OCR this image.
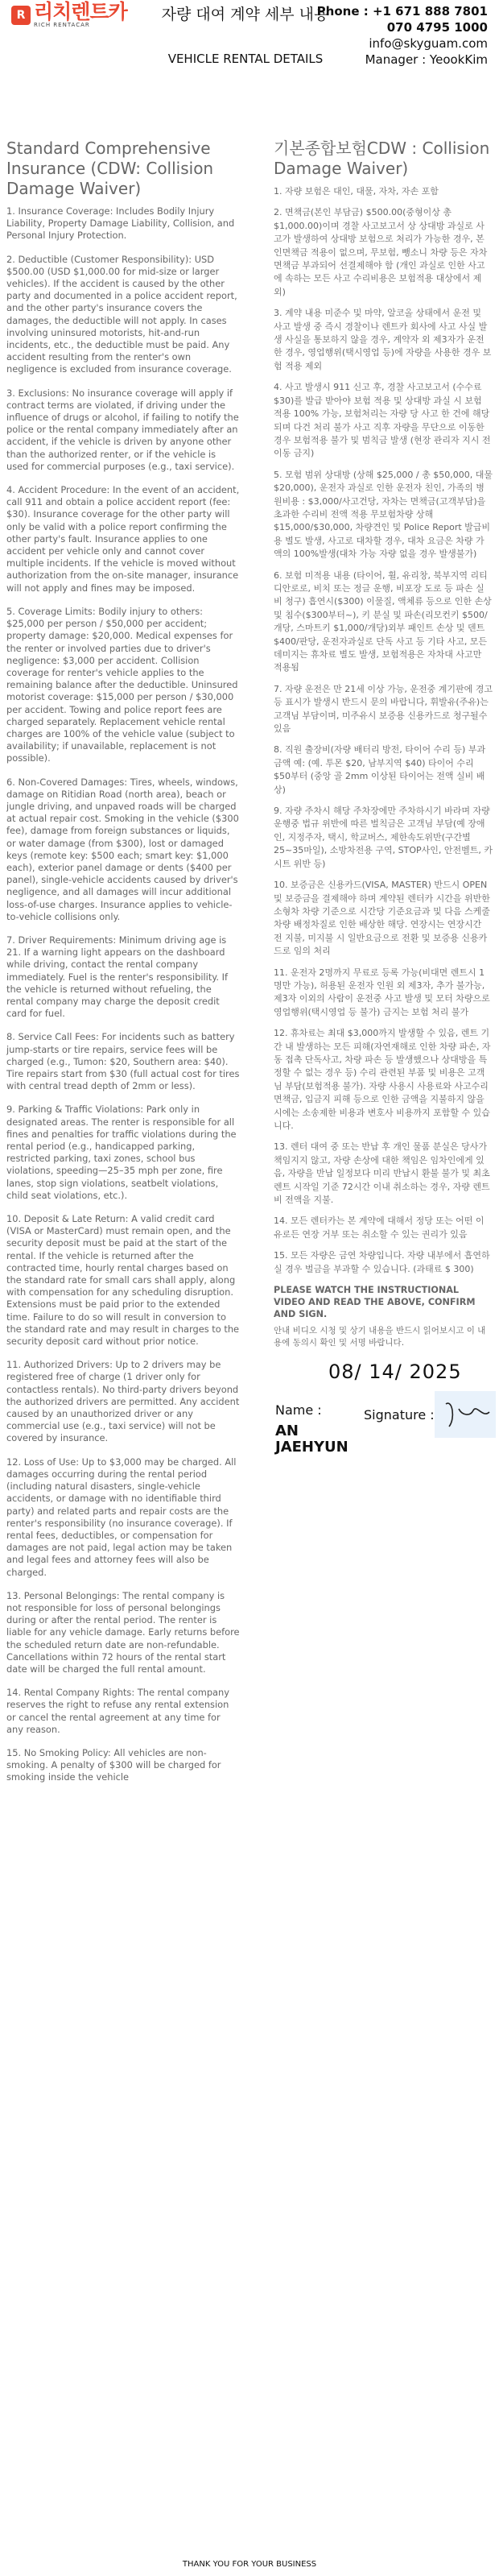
R 리치렌트카
RICH RENTACAR
자량 대여 계약 세부 내용
VEHICLE RENTAL DETAILS
Phone : +1 671 888 7801
070 4795 1000
info@skyguam.com
Manager : YeookKim
Standard Comprehensive Insurance (CDW: Collision Damage Waiver)
1. Insurance Coverage: Includes Bodily Injury Liability, Property Damage Liability, Collision, and Personal Injury Protection.
2. Deductible (Customer Responsibility): USD $500.00 (USD $1,000.00 for mid-size or larger vehicles). If the accident is caused by the other party and documented in a police accident report, and the other party's insurance covers the damages, the deductible will not apply. In cases involving uninsured motorists, hit-and-run incidents, etc., the deductible must be paid. Any accident resulting from the renter's own negligence is excluded from insurance coverage.
3. Exclusions: No insurance coverage will apply if contract terms are violated, if driving under the influence of drugs or alcohol, if failing to notify the police or the rental company immediately after an accident, if the vehicle is driven by anyone other than the authorized renter, or if the vehicle is used for commercial purposes (e.g., taxi service).
4. Accident Procedure: In the event of an accident, call 911 and obtain a police accident report (fee: $30). Insurance coverage for the other party will only be valid with a police report confirming the other party's fault. Insurance applies to one accident per vehicle only and cannot cover multiple incidents. If the vehicle is moved without authorization from the on-site manager, insurance will not apply and fines may be imposed.
5. Coverage Limits: Bodily injury to others: $25,000 per person / $50,000 per accident; property damage: $20,000. Medical expenses for the renter or involved parties due to driver's negligence: $3,000 per accident. Collision coverage for renter's vehicle applies to the remaining balance after the deductible. Uninsured motorist coverage: $15,000 per person / $30,000 per accident. Towing and police report fees are charged separately. Replacement vehicle rental charges are 100% of the vehicle value (subject to availability; if unavailable, replacement is not possible).
6. Non-Covered Damages: Tires, wheels, windows, damage on Ritidian Road (north area), beach or jungle driving, and unpaved roads will be charged at actual repair cost. Smoking in the vehicle ($300 fee), damage from foreign substances or liquids, or water damage (from $300), lost or damaged keys (remote key: $500 each; smart key: $1,000 each), exterior panel damage or dents ($400 per panel), single-vehicle accidents caused by driver's negligence, and all damages will incur additional loss-of-use charges. Insurance applies to vehicle-to-vehicle collisions only.
7. Driver Requirements: Minimum driving age is 21. If a warning light appears on the dashboard while driving, contact the rental company immediately. Fuel is the renter's responsibility. If the vehicle is returned without refueling, the rental company may charge the deposit credit card for fuel.
8. Service Call Fees: For incidents such as battery jump-starts or tire repairs, service fees will be charged (e.g., Tumon: $20, Southern area: $40). Tire repairs start from $30 (full actual cost for tires with central tread depth of 2mm or less).
9. Parking & Traffic Violations: Park only in designated areas. The renter is responsible for all fines and penalties for traffic violations during the rental period (e.g., handicapped parking, restricted parking, taxi zones, school bus violations, speeding—25–35 mph per zone, fire lanes, stop sign violations, seatbelt violations, child seat violations, etc.).
10. Deposit & Late Return: A valid credit card (VISA or MasterCard) must remain open, and the security deposit must be paid at the start of the rental. If the vehicle is returned after the contracted time, hourly rental charges based on the standard rate for small cars shall apply, along with compensation for any scheduling disruption. Extensions must be paid prior to the extended time. Failure to do so will result in conversion to the standard rate and may result in charges to the security deposit card without prior notice.
11. Authorized Drivers: Up to 2 drivers may be registered free of charge (1 driver only for contactless rentals). No third-party drivers beyond the authorized drivers are permitted. Any accident caused by an unauthorized driver or any commercial use (e.g., taxi service) will not be covered by insurance.
12. Loss of Use: Up to $3,000 may be charged. All damages occurring during the rental period (including natural disasters, single-vehicle accidents, or damage with no identifiable third party) and related parts and repair costs are the renter's responsibility (no insurance coverage). If rental fees, deductibles, or compensation for damages are not paid, legal action may be taken and legal fees and attorney fees will also be charged.
13. Personal Belongings: The rental company is not responsible for loss of personal belongings during or after the rental period. The renter is liable for any vehicle damage. Early returns before the scheduled return date are non-refundable. Cancellations within 72 hours of the rental start date will be charged the full rental amount.
14. Rental Company Rights: The rental company reserves the right to refuse any rental extension or cancel the rental agreement at any time for any reason.
15. No Smoking Policy: All vehicles are non-smoking. A penalty of $300 will be charged for smoking inside the vehicle
기본종합보험CDW : Collision Damage Waiver)
1. 자량 보험은 대인, 대물, 자차, 자손 포함
2. 면책금(본인 부담금) $500.00(중형이상 총 $1,000.00)이며 경찰 사고보고서 상 상대방 과실로 사고가 발생하여 상대방 보험으로 처리가 가능한 경우, 본인면책금 적용이 없으며, 무보험, 뺑소니 차량 등은 자차 면책금 부과되어 선결제해야 함 (개인 과실로 인한 사고에 속하는 모든 사고 수리비용은 보험적용 대상에서 제외)
3. 계약 내용 미준수 및 마약, 알코올 상태에서 운전 및 사고 발생 중 즉시 경찰이나 렌트카 회사에 사고 사실 발생 사실을 통보하지 않을 경우, 계약자 외 제3자가 운전한 경우, 영업행위(택시영업 등)에 자량을 사용한 경우 보험 적용 제외
4. 사고 발생시 911 신고 후, 경찰 사고보고서 (수수료 $30)를 발급 받아야 보험 적용 및 상대방 과실 시 보험 적용 100% 가능, 보험처리는 자량 당 사고 한 건에 해당되며 다건 처리 불가 사고 직후 자량을 무단으로 이동한 경우 보험적용 불가 및 범칙금 발생 (현장 관리자 지시 전 이동 금지)
5. 모험 범위 상대방 (상해 $25,000 / 총 $50,000, 대물 $20,000), 운전자 과실로 인한 운전자 친인, 가족의 병원비용 : $3,000/사고건당, 자차는 면책금(고객부담)을 초과한 수리비 전액 적용 무보험차량 상해 $15,000/$30,000, 차량견인 및 Police Report 발급비용 별도 발생, 사고로 대차할 경우, 대차 요금은 차량 가액의 100%발생(대차 가능 자량 없을 경우 발생불가)
6. 보험 미적용 내용 (타이어, 휠, 유리창, 북부지역 리티디안로로, 비치 또는 정글 운행, 비포장 도로 등 파손 실비 청구) 흡연시($300) 이물질, 액체류 등으로 인한 손상 및 침수($300부터~), 키 분실 및 파손(리모컨키 $500/개당, 스마트키 $1,000/개당)외부 패인트 손상 및 덴트 $400/판당, 운전자과실로 단독 사고 등 기타 사고, 모든 데미지는 휴차료 별도 발생, 보험적용은 자차대 사고만 적용됨
7. 자량 운전은 만 21세 이상 가능, 운전중 계기판에 경고등 표시가 발생시 반드시 문의 바랍니다, 휘발유(주유)는 고객님 부담이며, 미주유시 보증용 신용카드로 청구될수 있음
8. 직원 출장비(자량 배터리 방전, 타이어 수리 등) 부과금액 예: (예. 투몬 $20, 남부지역 $40) 타이어 수리 $50부터 (중앙 골 2mm 이상된 타이어는 전액 실비 배상)
9. 자량 주차시 해당 주차장에만 주차하시기 바라며 자량 운행중 법규 위반에 따른 벌칙금은 고객님 부담(예 장애인, 지정주자, 택시, 학교버스, 제한속도위반(구간별 25~35마일), 소방차전용 구역, STOP사인, 안전벨트, 카시트 위반 등)
10. 보증금은 신용카드(VISA, MASTER) 반드시 OPEN 및 보증금을 결제해야 하며 계약된 렌터카 시간을 위반한 소형차 차량 기준으로 시간당 기준요금과 및 다음 스케줄 차량 배정차질로 인한 배상한 해당. 연장시는 연장시간 전 지불, 미지불 시 일반요금으로 전환 및 보증용 신용카드로 임의 처리
11. 운전자 2명까지 무료로 등록 가능(비대면 렌트시 1명만 가능), 허용된 운전자 인원 외 제3자, 추가 불가능, 제3자 이외의 사람이 운전중 사고 발생 및 모터 차량으로 영업행위(택시영업 등 불가) 금지는 보험 처리 불가
12. 휴차료는 최대 $3,000까지 발생할 수 있음, 렌트 기간 내 발생하는 모든 피해(자연재해로 인한 차량 파손, 자동 접촉 단독사고, 차량 파손 등 발생했으나 상대방을 특정할 수 없는 경우 등) 수리 관련된 부품 및 비용은 고객님 부담(보험적용 불가). 자량 사용시 사용료와 사고수리 면책금, 입금지 피해 등으로 인한 금액을 지불하지 않을 시에는 소송제한 비용과 변호사 비용까지 포함할 수 있습니다.
13. 렌터 대여 중 또는 반납 후 개인 물품 분실은 당사가 책임지지 않고, 자량 손상에 대한 책임은 임차인에게 있음, 자량을 반납 일정보다 미리 반납시 환불 불가 및 최초 렌트 시작일 기준 72시간 이내 취소하는 경우, 자량 렌트비 전액을 지불.
14. 모든 렌터카는 본 계약에 대해서 정당 또는 어떤 이유로든 연장 거부 또는 취소할 수 있는 권리가 있음
15. 모든 자량은 금연 차량입니다. 자량 내부에서 흡연하실 경우 벌금을 부과할 수 있습니다. (과태료 $ 300)
PLEASE WATCH THE INSTRUCTIONAL VIDEO AND READ THE ABOVE, CONFIRM AND SIGN.
안내 비디오 시청 및 상기 내용을 반드시 읽어보시고 이 내용에 동의시 확인 및 서명 바랍니다.
08/ 14/ 2025
Name :
AN JAEHYUN
Signature :
THANK YOU FOR YOUR BUSINESS
